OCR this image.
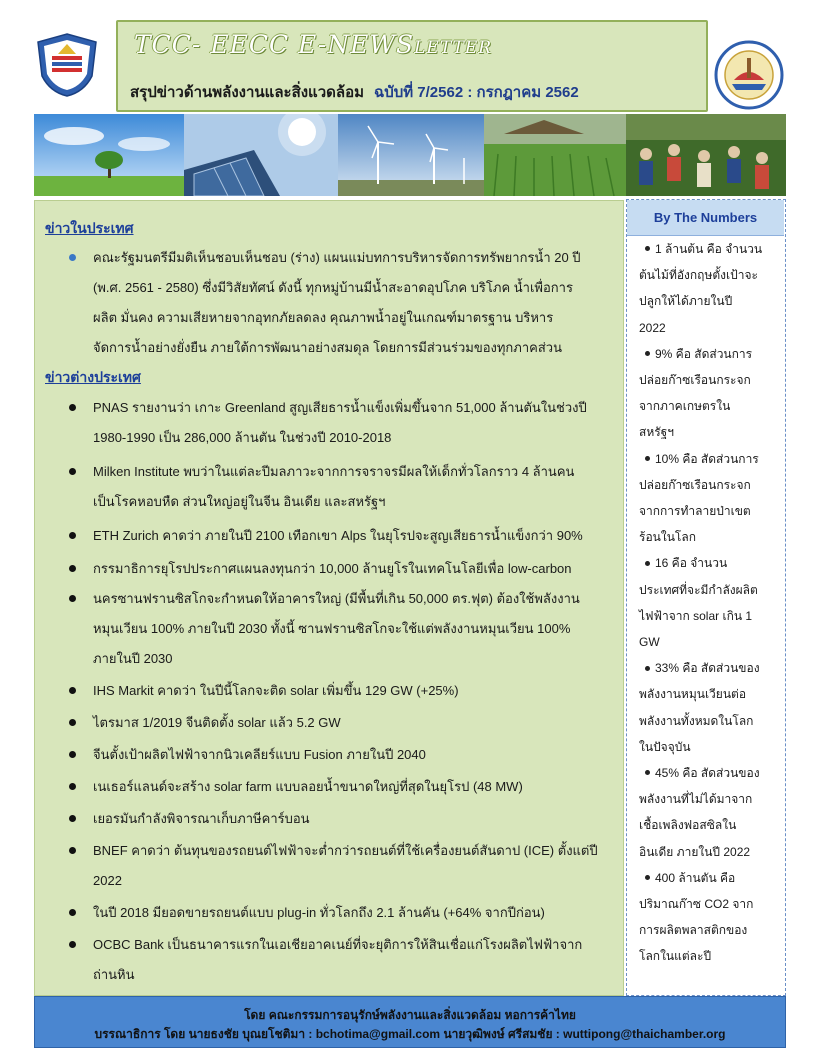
TCC- EECC E-NEWSLETTER
สรุปข่าวด้านพลังงานและสิ่งแวดล้อม ฉบับที่ 7/2562 : กรกฎาคม 2562
ข่าวในประเทศ
คณะรัฐมนตรีมีมติเห็นชอบเห็นชอบ (ร่าง) แผนแม่บทการบริหารจัดการทรัพยากรน้ำ 20 ปี
(พ.ศ. 2561 - 2580) ซึ่งมีวิสัยทัศน์ ดังนี้ ทุกหมู่บ้านมีน้ำสะอาดอุปโภค บริโภค น้ำเพื่อการ
ผลิต มั่นคง ความเสียหายจากอุทกภัยลดลง คุณภาพน้ำอยู่ในเกณฑ์มาตรฐาน บริหาร
จัดการน้ำอย่างยั่งยืน ภายใต้การพัฒนาอย่างสมดุล โดยการมีส่วนร่วมของทุกภาคส่วน
ข่าวต่างประเทศ
PNAS รายงานว่า เกาะ Greenland สูญเสียธารน้ำแข็งเพิ่มขึ้นจาก 51,000 ล้านตันในช่วงปี
1980-1990 เป็น 286,000 ล้านตัน ในช่วงปี 2010-2018
Milken Institute พบว่าในแต่ละปีมลภาวะจากการจราจรมีผลให้เด็กทั่วโลกราว 4 ล้านคน
เป็นโรคหอบหืด ส่วนใหญ่อยู่ในจีน อินเดีย และสหรัฐฯ
ETH Zurich คาดว่า ภายในปี 2100 เทือกเขา Alps ในยุโรปจะสูญเสียธารน้ำแข็งกว่า 90%
กรรมาธิการยุโรปประกาศแผนลงทุนกว่า 10,000 ล้านยูโรในเทคโนโลยีเพื่อ low-carbon
นครซานฟรานซิสโกจะกำหนดให้อาคารใหญ่ (มีพื้นที่เกิน 50,000 ตร.ฟุต) ต้องใช้พลังงาน
หมุนเวียน 100% ภายในปี 2030 ทั้งนี้ ซานฟรานซิสโกจะใช้แต่พลังงานหมุนเวียน 100%
ภายในปี 2030
IHS Markit คาดว่า ในปีนี้โลกจะติด solar เพิ่มขึ้น 129 GW (+25%)
ไตรมาส 1/2019 จีนติดตั้ง solar แล้ว 5.2 GW
จีนตั้งเป้าผลิตไฟฟ้าจากนิวเคลียร์แบบ Fusion ภายในปี 2040
เนเธอร์แลนด์จะสร้าง solar farm แบบลอยน้ำขนาดใหญ่ที่สุดในยุโรป (48 MW)
เยอรมันกำลังพิจารณาเก็บภาษีคาร์บอน
BNEF คาดว่า ต้นทุนของรถยนต์ไฟฟ้าจะต่ำกว่ารถยนต์ที่ใช้เครื่องยนต์สันดาป (ICE) ตั้งแต่ปี
2022
ในปี 2018 มียอดขายรถยนต์แบบ plug-in ทั่วโลกถึง 2.1 ล้านคัน (+64% จากปีก่อน)
OCBC Bank เป็นธนาคารแรกในเอเชียอาคเนย์ที่จะยุติการให้สินเชื่อแก่โรงผลิตไฟฟ้าจาก
ถ่านหิน
By The Numbers
1 ล้านต้น คือ จำนวน
ต้นไม้ที่อังกฤษตั้งเป้าจะ
ปลูกให้ได้ภายในปี
2022
9% คือ สัดส่วนการ
ปล่อยก๊าซเรือนกระจก
จากภาคเกษตรใน
สหรัฐฯ
10% คือ สัดส่วนการ
ปล่อยก๊าซเรือนกระจก
จากการทำลายป่าเขต
ร้อนในโลก
16 คือ จำนวน
ประเทศที่จะมีกำลังผลิต
ไฟฟ้าจาก solar เกิน 1
GW
33% คือ สัดส่วนของ
พลังงานหมุนเวียนต่อ
พลังงานทั้งหมดในโลก
ในปัจจุบัน
45% คือ สัดส่วนของ
พลังงานที่ไม่ได้มาจาก
เชื้อเพลิงฟอสซิลใน
อินเดีย ภายในปี 2022
400 ล้านตัน คือ
ปริมาณก๊าซ CO2 จาก
การผลิตพลาสติกของ
โลกในแต่ละปี
โดย คณะกรรมการอนุรักษ์พลังงานและสิ่งแวดล้อม หอการค้าไทย
บรรณาธิการ โดย นายธงชัย บุณยโชติมา : bchotima@gmail.com นายวุฒิพงษ์ ศรีสมชัย : wuttipong@thaichamber.org
